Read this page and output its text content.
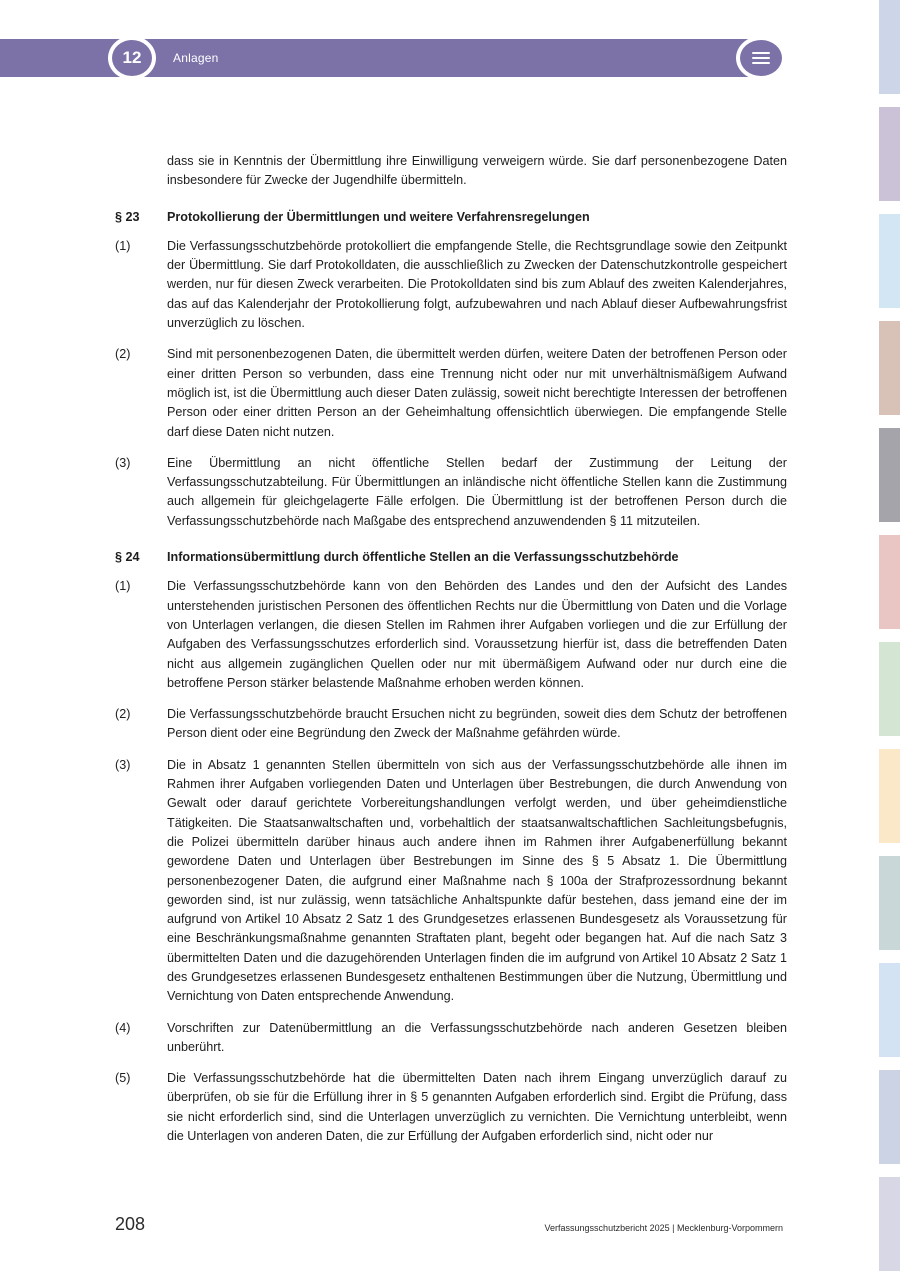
12	Anlagen
dass sie in Kenntnis der Übermittlung ihre Einwilligung verweigern würde. Sie darf personenbezogene Daten insbesondere für Zwecke der Jugendhilfe übermitteln.
§ 23	Protokollierung der Übermittlungen und weitere Verfahrensregelungen
(1)	Die Verfassungsschutzbehörde protokolliert die empfangende Stelle, die Rechtsgrundlage sowie den Zeitpunkt der Übermittlung. Sie darf Protokolldaten, die ausschließlich zu Zwecken der Datenschutzkontrolle gespeichert werden, nur für diesen Zweck verarbeiten. Die Protokolldaten sind bis zum Ablauf des zweiten Kalenderjahres, das auf das Kalenderjahr der Protokollierung folgt, aufzubewahren und nach Ablauf dieser Aufbewahrungsfrist unverzüglich zu löschen.
(2)	Sind mit personenbezogenen Daten, die übermittelt werden dürfen, weitere Daten der betroffenen Person oder einer dritten Person so verbunden, dass eine Trennung nicht oder nur mit unverhältnismäßigem Aufwand möglich ist, ist die Übermittlung auch dieser Daten zulässig, soweit nicht berechtigte Interessen der betroffenen Person oder einer dritten Person an der Geheimhaltung offensichtlich überwiegen. Die empfangende Stelle darf diese Daten nicht nutzen.
(3)	Eine Übermittlung an nicht öffentliche Stellen bedarf der Zustimmung der Leitung der Verfassungsschutzabteilung. Für Übermittlungen an inländische nicht öffentliche Stellen kann die Zustimmung auch allgemein für gleichgelagerte Fälle erfolgen. Die Übermittlung ist der betroffenen Person durch die Verfassungsschutzbehörde nach Maßgabe des entsprechend anzuwendenden § 11 mitzuteilen.
§ 24	Informationsübermittlung durch öffentliche Stellen an die Verfassungsschutzbehörde
(1)	Die Verfassungsschutzbehörde kann von den Behörden des Landes und den der Aufsicht des Landes unterstehenden juristischen Personen des öffentlichen Rechts nur die Übermittlung von Daten und die Vorlage von Unterlagen verlangen, die diesen Stellen im Rahmen ihrer Aufgaben vorliegen und die zur Erfüllung der Aufgaben des Verfassungsschutzes erforderlich sind. Voraussetzung hierfür ist, dass die betreffenden Daten nicht aus allgemein zugänglichen Quellen oder nur mit übermäßigem Aufwand oder nur durch eine die betroffene Person stärker belastende Maßnahme erhoben werden können.
(2)	Die Verfassungsschutzbehörde braucht Ersuchen nicht zu begründen, soweit dies dem Schutz der betroffenen Person dient oder eine Begründung den Zweck der Maßnahme gefährden würde.
(3)	Die in Absatz 1 genannten Stellen übermitteln von sich aus der Verfassungsschutzbehörde alle ihnen im Rahmen ihrer Aufgaben vorliegenden Daten und Unterlagen über Bestrebungen, die durch Anwendung von Gewalt oder darauf gerichtete Vorbereitungshandlungen verfolgt werden, und über geheimdienstliche Tätigkeiten. Die Staatsanwaltschaften und, vorbehaltlich der staatsanwaltschaftlichen Sachleitungsbefugnis, die Polizei übermitteln darüber hinaus auch andere ihnen im Rahmen ihrer Aufgabenerfüllung bekannt gewordene Daten und Unterlagen über Bestrebungen im Sinne des § 5 Absatz 1. Die Übermittlung personenbezogener Daten, die aufgrund einer Maßnahme nach § 100a der Strafprozessordnung bekannt geworden sind, ist nur zulässig, wenn tatsächliche Anhaltspunkte dafür bestehen, dass jemand eine der im aufgrund von Artikel 10 Absatz 2 Satz 1 des Grundgesetzes erlassenen Bundesgesetz als Voraussetzung für eine Beschränkungsmaßnahme genannten Straftaten plant, begeht oder begangen hat. Auf die nach Satz 3 übermittelten Daten und die dazugehörenden Unterlagen finden die im aufgrund von Artikel 10 Absatz 2 Satz 1 des Grundgesetzes erlassenen Bundesgesetz enthaltenen Bestimmungen über die Nutzung, Übermittlung und Vernichtung von Daten entsprechende Anwendung.
(4)	Vorschriften zur Datenübermittlung an die Verfassungsschutzbehörde nach anderen Gesetzen bleiben unberührt.
(5)	Die Verfassungsschutzbehörde hat die übermittelten Daten nach ihrem Eingang unverzüglich darauf zu überprüfen, ob sie für die Erfüllung ihrer in § 5 genannten Aufgaben erforderlich sind. Ergibt die Prüfung, dass sie nicht erforderlich sind, sind die Unterlagen unverzüglich zu vernichten. Die Vernichtung unterbleibt, wenn die Unterlagen von anderen Daten, die zur Erfüllung der Aufgaben erforderlich sind, nicht oder nur
208	Verfassungsschutzbericht 2025 | Mecklenburg-Vorpommern
